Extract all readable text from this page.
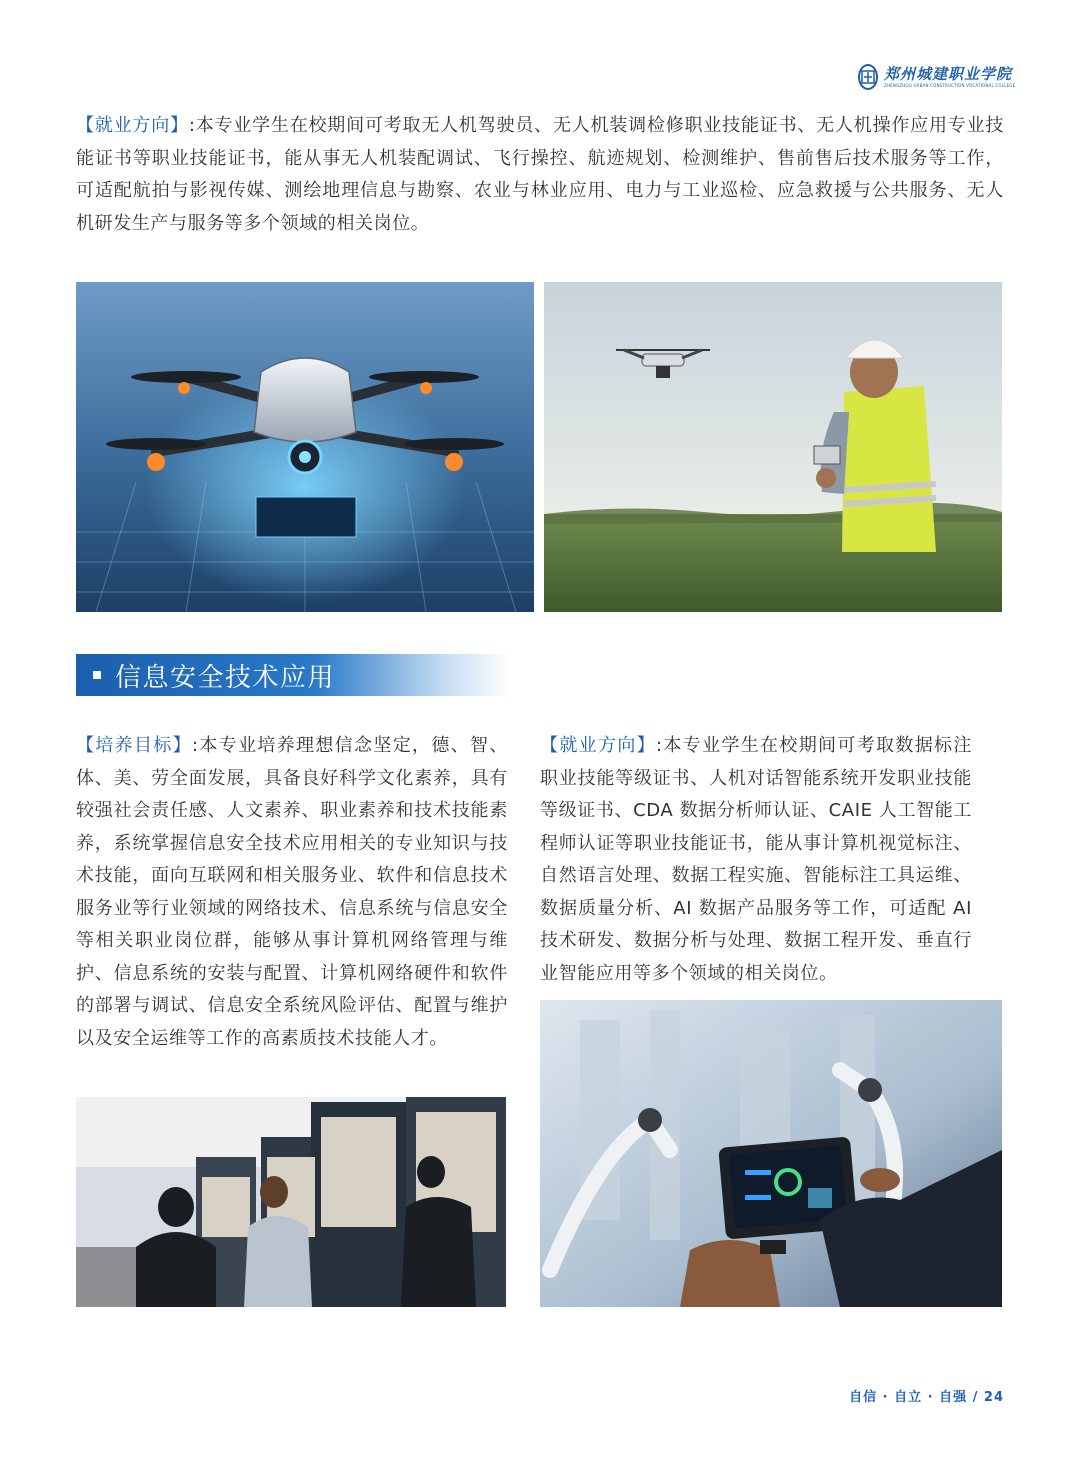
郑州城建职业学院
ZHENGZHOU URBAN CONSTRUCTION VOCATIONAL COLLEGE

【就业方向】:本专业学生在校期间可考取无人机驾驶员、无人机装调检修职业技能证书、无人机操作应用专业技能证书等职业技能证书，能从事无人机装配调试、飞行操控、航迹规划、检测维护、售前售后技术服务等工作，可适配航拍与影视传媒、测绘地理信息与勘察、农业与林业应用、电力与工业巡检、应急救援与公共服务、无人机研发生产与服务等多个领域的相关岗位。

信息安全技术应用

【培养目标】:本专业培养理想信念坚定，德、智、体、美、劳全面发展，具备良好科学文化素养，具有较强社会责任感、人文素养、职业素养和技术技能素养，系统掌握信息安全技术应用相关的专业知识与技术技能，面向互联网和相关服务业、软件和信息技术服务业等行业领域的网络技术、信息系统与信息安全等相关职业岗位群，能够从事计算机网络管理与维护、信息系统的安装与配置、计算机网络硬件和软件的部署与调试、信息安全系统风险评估、配置与维护以及安全运维等工作的高素质技术技能人才。

【就业方向】:本专业学生在校期间可考取数据标注职业技能等级证书、人机对话智能系统开发职业技能等级证书、CDA 数据分析师认证、CAIE 人工智能工程师认证等职业技能证书，能从事计算机视觉标注、自然语言处理、数据工程实施、智能标注工具运维、数据质量分析、AI 数据产品服务等工作，可适配 AI 技术研发、数据分析与处理、数据工程开发、垂直行业智能应用等多个领域的相关岗位。

自信 · 自立 · 自强 / 24
